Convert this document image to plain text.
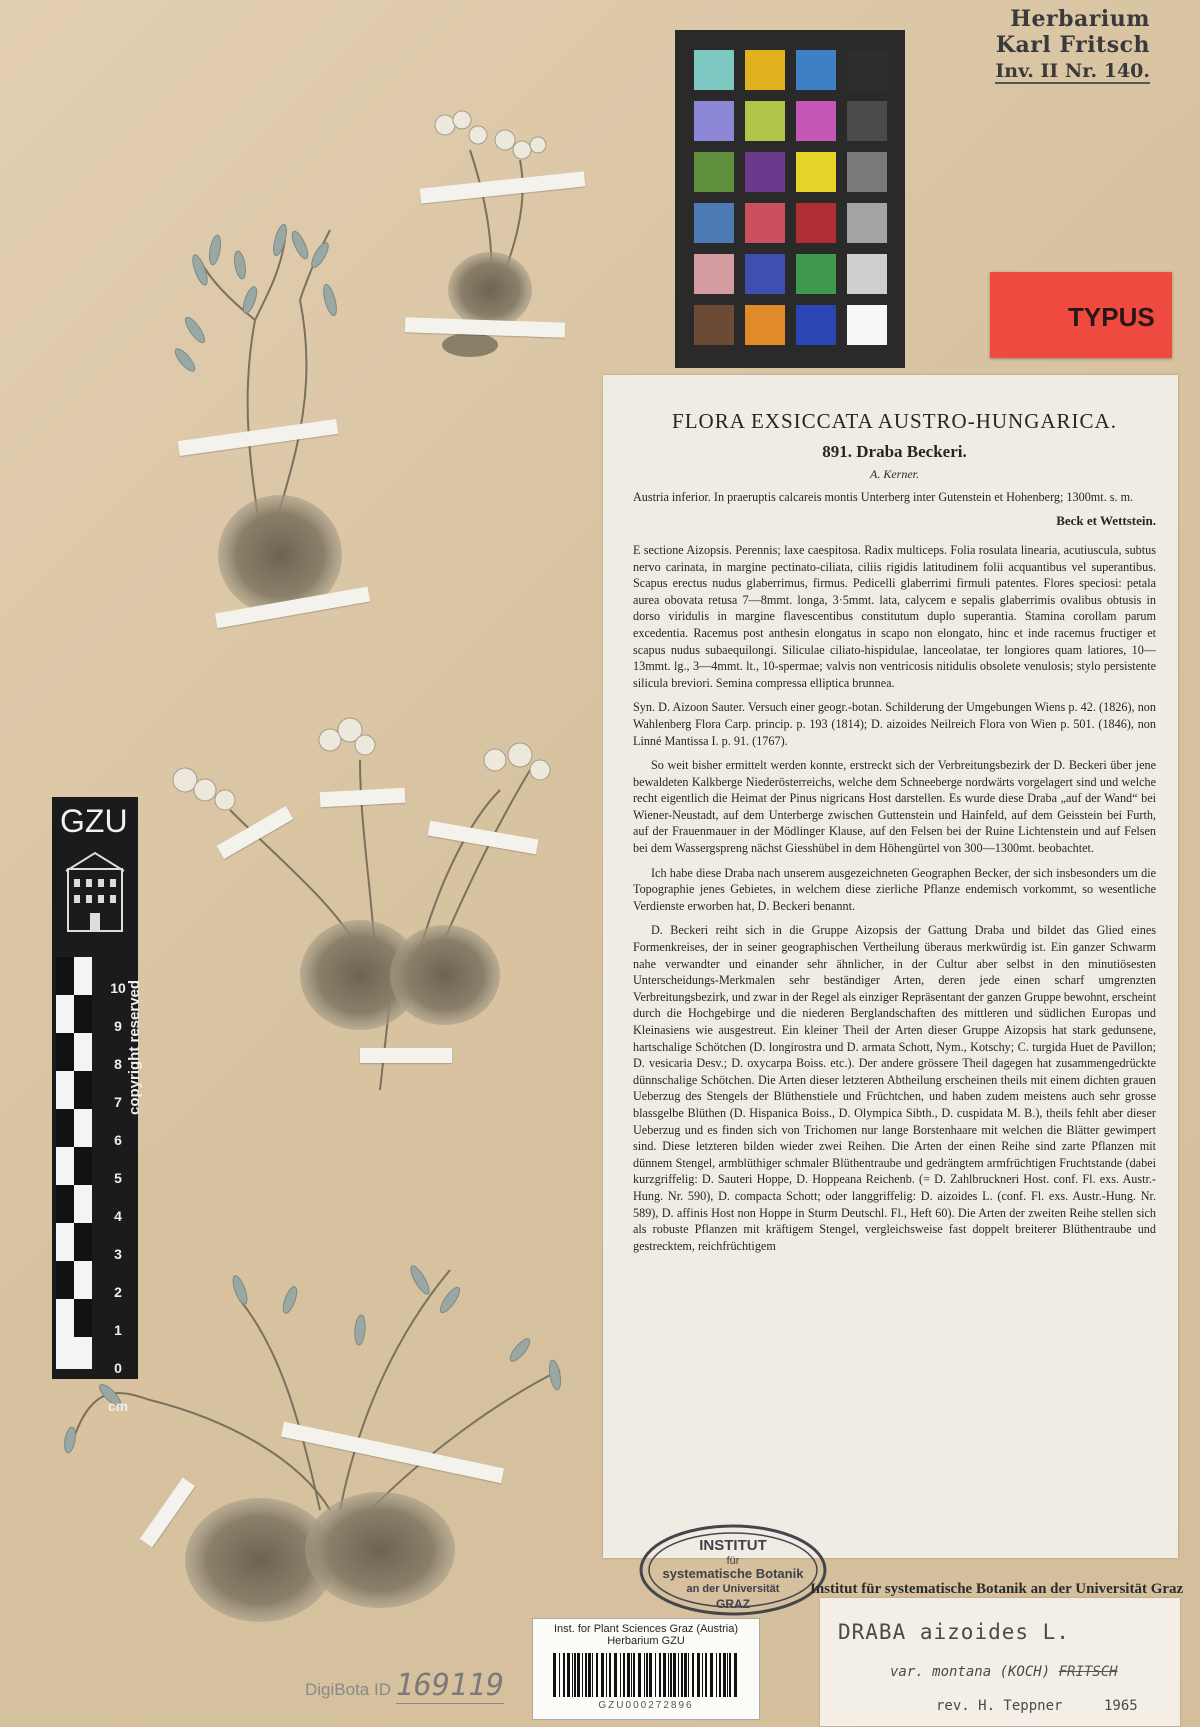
Herbarium Karl Fritsch
Inv. II Nr. 140.
TYPUS
FLORA EXSICCATA AUSTRO-HUNGARICA.
891. Draba Beckeri.
A. Kerner.

Austria inferior. In praeruptis calcareis montis Unterberg inter Gutenstein et Hohenberg; 1300mt. s. m.

Beck et Wettstein.

E sectione Aizopsis. Perennis; laxe caespitosa. Radix multiceps. Folia rosulata linearia, acutiuscula, subtus nervo carinata, in margine pectinato-ciliata, ciliis rigidis latitudinem folii acquantibus vel superantibus. Scapus erectus nudus glaberrimus, firmus. Pedicelli glaberrimi firmuli patentes. Flores speciosi: petala aurea obovata retusa 7—8mmt. longa, 3·5mmt. lata, calycem e sepalis glaberrimis ovalibus obtusis in dorso viridulis in margine flavescentibus constitutum duplo superantia. Stamina corollam parum excedentia. Racemus post anthesin elongatus in scapo non elongato, hinc et inde racemus fructiger et scapus nudus subaequilongi. Siliculae ciliato-hispidulae, lanceolatae, ter longiores quam latiores, 10—13mmt. lg., 3—4mmt. lt., 10-spermae; valvis non ventricosis nitidulis obsolete venulosis; stylo persistente silicula breviori. Semina compressa elliptica brunnea.

Syn. D. Aizoon Sauter. Versuch einer geogr.-botan. Schilderung der Umgebungen Wiens p. 42. (1826), non Wahlenberg Flora Carp. princip. p. 193 (1814); D. aizoides Neilreich Flora von Wien p. 501. (1846), non Linné Mantissa I. p. 91. (1767).

So weit bisher ermittelt werden konnte, erstreckt sich der Verbreitungsbezirk der D. Beckeri über jene bewaldeten Kalkberge Niederösterreichs, welche dem Schneeberge nordwärts vorgelagert sind und welche recht eigentlich die Heimat der Pinus nigricans Host darstellen. Es wurde diese Draba „auf der Wand“ bei Wiener-Neustadt, auf dem Unterberge zwischen Guttenstein und Hainfeld, auf dem Geisstein bei Furth, auf der Frauenmauer in der Mödlinger Klause, auf den Felsen bei der Ruine Lichtenstein und auf Felsen bei dem Wassergspreng nächst Giesshübel in dem Höhengürtel von 300—1300mt. beobachtet.

Ich habe diese Draba nach unserem ausgezeichneten Geographen Becker, der sich insbesonders um die Topographie jenes Gebietes, in welchem diese zierliche Pflanze endemisch vorkommt, so wesentliche Verdienste erworben hat, D. Beckeri benannt.

D. Beckeri reiht sich in die Gruppe Aizopsis der Gattung Draba und bildet das Glied eines Formenkreises, der in seiner geographischen Vertheilung überaus merkwürdig ist. Ein ganzer Schwarm nahe verwandter und einander sehr ähnlicher, in der Cultur aber selbst in den minutiösesten Unterscheidungs-Merkmalen sehr beständiger Arten, deren jede einen scharf umgrenzten Verbreitungsbezirk, und zwar in der Regel als einziger Repräsentant der ganzen Gruppe bewohnt, erscheint durch die Hochgebirge und die niederen Berglandschaften des mittleren und südlichen Europas und Kleinasiens wie ausgestreut. Ein kleiner Theil der Arten dieser Gruppe Aizopsis hat stark gedunsene, hartschalige Schötchen (D. longirostra und D. armata Schott, Nym., Kotschy; C. turgida Huet de Pavillon; D. vesicaria Desv.; D. oxycarpa Boiss. etc.). Der andere grössere Theil dagegen hat zusammengedrückte dünnschalige Schötchen. Die Arten dieser letzteren Abtheilung erscheinen theils mit einem dichten grauen Ueberzug des Stengels der Blüthenstiele und Früchtchen, und haben zudem meistens auch sehr grosse blassgelbe Blüthen (D. Hispanica Boiss., D. Olympica Sibth., D. cuspidata M. B.), theils fehlt aber dieser Ueberzug und es finden sich von Trichomen nur lange Borstenhaare mit welchen die Blätter gewimpert sind. Diese letzteren bilden wieder zwei Reihen. Die Arten der einen Reihe sind zarte Pflanzen mit dünnem Stengel, armblüthiger schmaler Blüthentraube und gedrängtem armfrüchtigen Fruchtstande (dabei kurzgriffelig: D. Sauteri Hoppe, D. Hoppeana Reichenb. (= D. Zahlbruckneri Host. conf. Fl. exs. Austr.-Hung. Nr. 590), D. compacta Schott; oder langgriffelig: D. aizoides L. (conf. Fl. exs. Austr.-Hung. Nr. 589), D. affinis Host non Hoppe in Sturm Deutschl. Fl., Heft 60). Die Arten der zweiten Reihe stellen sich als robuste Pflanzen mit kräftigem Stengel, vergleichsweise fast doppelt breiterer Blüthentraube und gestrecktem, reichfrüchtigem

GZU
10
9
8
7
6
5
4
3
2
1
0
cm
copyright reserved
INSTITUT
für
systematische Botanik
an der Universität
GRAZ
Institut für systematische Botanik an der Universität Graz
Inst. for Plant Sciences Graz (Austria)
Herbarium GZU
GZU000272896
DigiBota ID 169119
DRABA aizoides L.
var. montana (KOCH) FRITSCH
rev. H. Teppner	1965
